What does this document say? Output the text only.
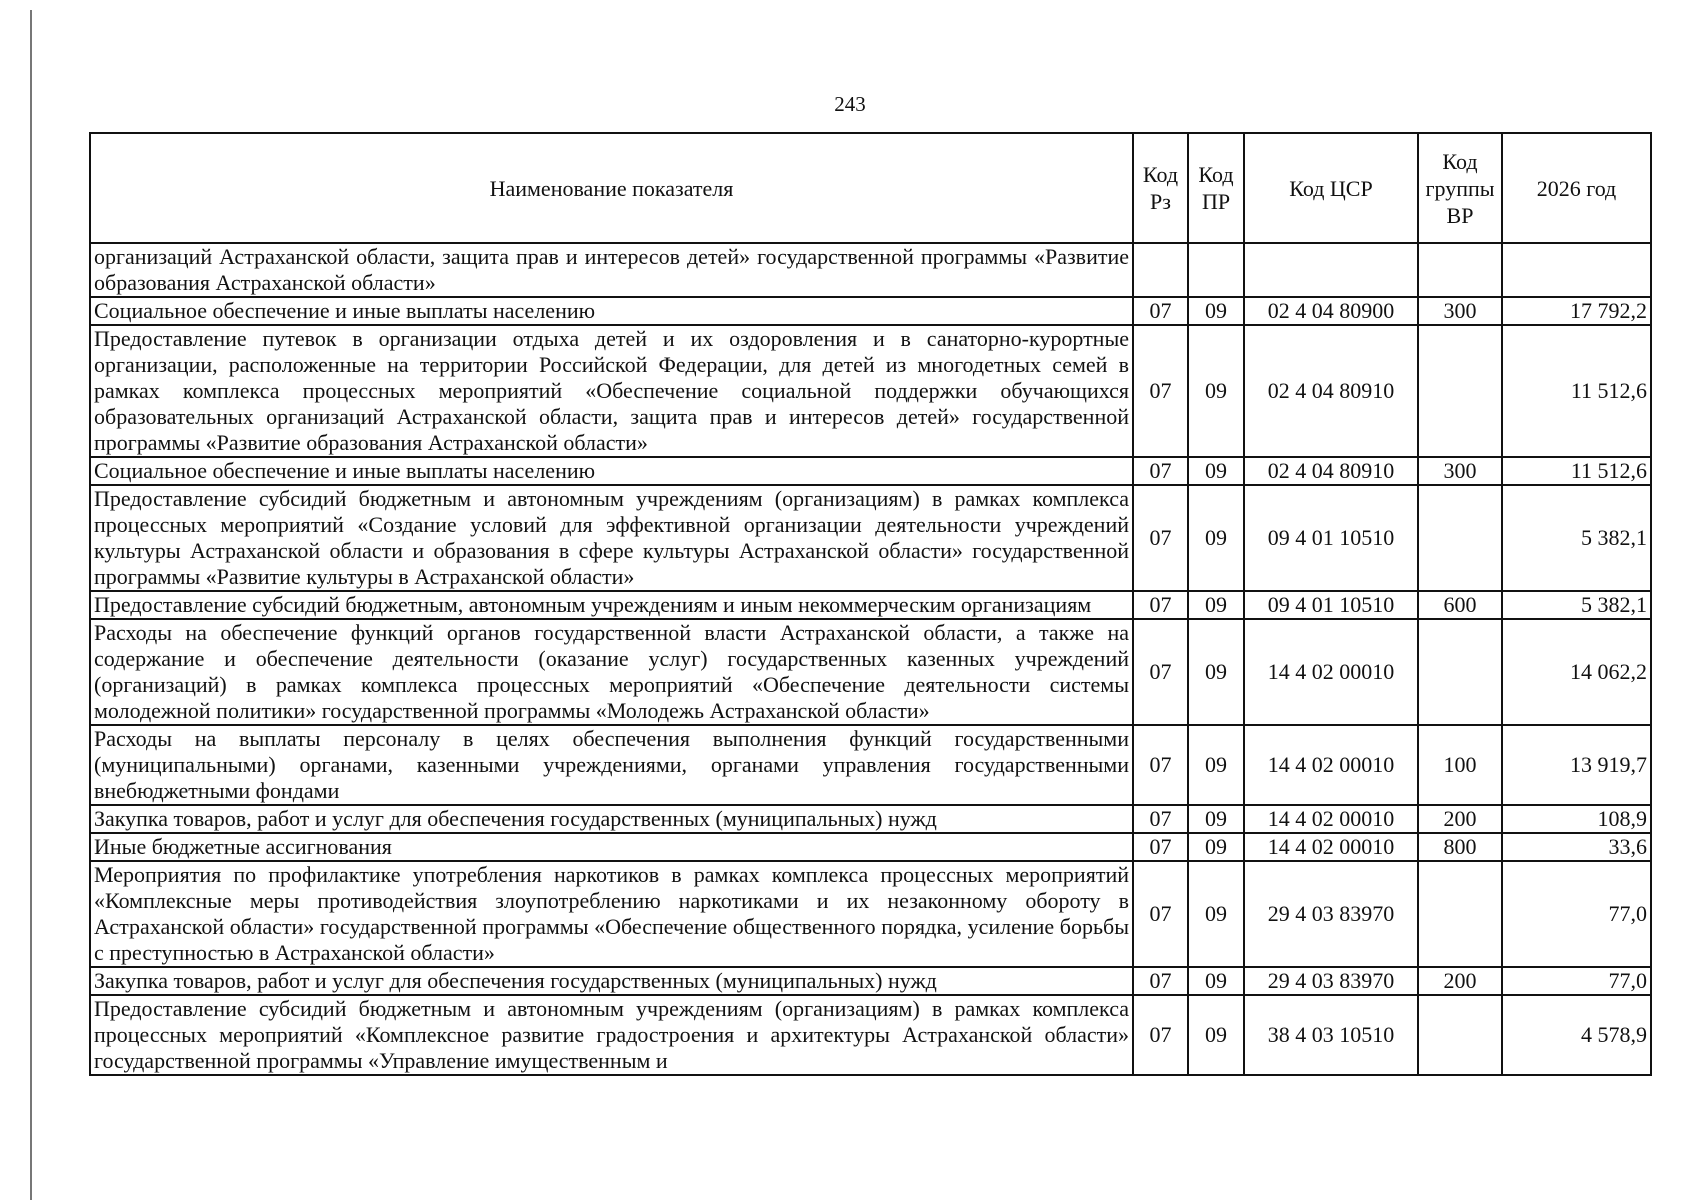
243
Наименование показателя	Код Рз	Код ПР	Код ЦСР	Код группы ВР	2026 год
организаций Астраханской области, защита прав и интересов детей» государственной программы «Развитие образования Астраханской области»					
Социальное обеспечение и иные выплаты населению	07	09	02 4 04 80900	300	17 792,2
Предоставление путевок в организации отдыха детей и их оздоровления и в санаторно-курортные организации, расположенные на территории Российской Федерации, для детей из многодетных семей в рамках комплекса процессных мероприятий «Обеспечение социальной поддержки обучающихся образовательных организаций Астраханской области, защита прав и интересов детей» государственной программы «Развитие образования Астраханской области»	07	09	02 4 04 80910		11 512,6
Социальное обеспечение и иные выплаты населению	07	09	02 4 04 80910	300	11 512,6
Предоставление субсидий бюджетным и автономным учреждениям (организациям) в рамках комплекса процессных мероприятий «Создание условий для эффективной организации деятельности учреждений культуры Астраханской области и образования в сфере культуры Астраханской области» государственной программы «Развитие культуры в Астраханской области»	07	09	09 4 01 10510		5 382,1
Предоставление субсидий бюджетным, автономным учреждениям и иным некоммерческим организациям	07	09	09 4 01 10510	600	5 382,1
Расходы на обеспечение функций органов государственной власти Астраханской области, а также на содержание и обеспечение деятельности (оказание услуг) государственных казенных учреждений (организаций) в рамках комплекса процессных мероприятий «Обеспечение деятельности системы молодежной политики» государственной программы «Молодежь Астраханской области»	07	09	14 4 02 00010		14 062,2
Расходы на выплаты персоналу в целях обеспечения выполнения функций государственными (муниципальными) органами, казенными учреждениями, органами управления государственными внебюджетными фондами	07	09	14 4 02 00010	100	13 919,7
Закупка товаров, работ и услуг для обеспечения государственных (муниципальных) нужд	07	09	14 4 02 00010	200	108,9
Иные бюджетные ассигнования	07	09	14 4 02 00010	800	33,6
Мероприятия по профилактике употребления наркотиков в рамках комплекса процессных мероприятий «Комплексные меры противодействия злоупотреблению наркотиками и их незаконному обороту в Астраханской области» государственной программы «Обеспечение общественного порядка, усиление борьбы с преступностью в Астраханской области»	07	09	29 4 03 83970		77,0
Закупка товаров, работ и услуг для обеспечения государственных (муниципальных) нужд	07	09	29 4 03 83970	200	77,0
Предоставление субсидий бюджетным и автономным учреждениям (организациям) в рамках комплекса процессных мероприятий «Комплексное развитие градостроения и архитектуры Астраханской области» государственной программы «Управление имущественным и	07	09	38 4 03 10510		4 578,9
